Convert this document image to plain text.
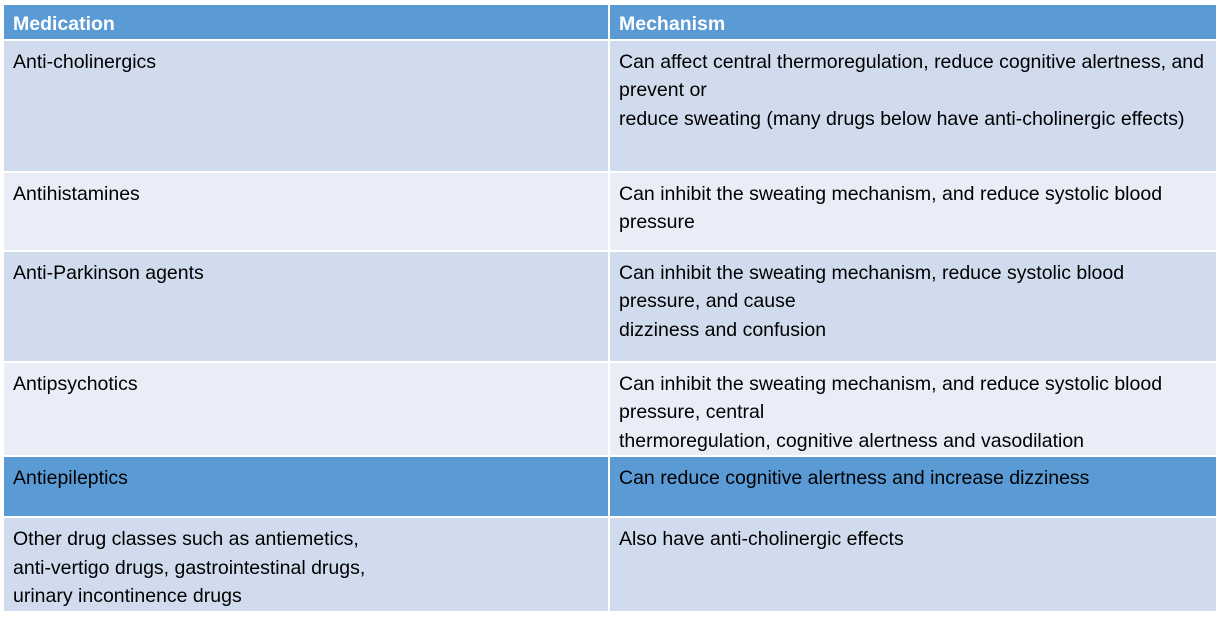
Medication	Mechanism
Anti-cholinergics	Can affect central thermoregulation, reduce cognitive alertness, and prevent or
reduce sweating (many drugs below have anti-cholinergic effects)
Antihistamines	Can inhibit the sweating mechanism, and reduce systolic blood pressure
Anti-Parkinson agents	Can inhibit the sweating mechanism, reduce systolic blood pressure, and cause
dizziness and confusion
Antipsychotics	Can inhibit the sweating mechanism, and reduce systolic blood pressure, central
thermoregulation, cognitive alertness and vasodilation
Antiepileptics	Can reduce cognitive alertness and increase dizziness
Other drug classes such as antiemetics,
anti-vertigo drugs, gastrointestinal drugs,
urinary incontinence drugs	Also have anti-cholinergic effects
